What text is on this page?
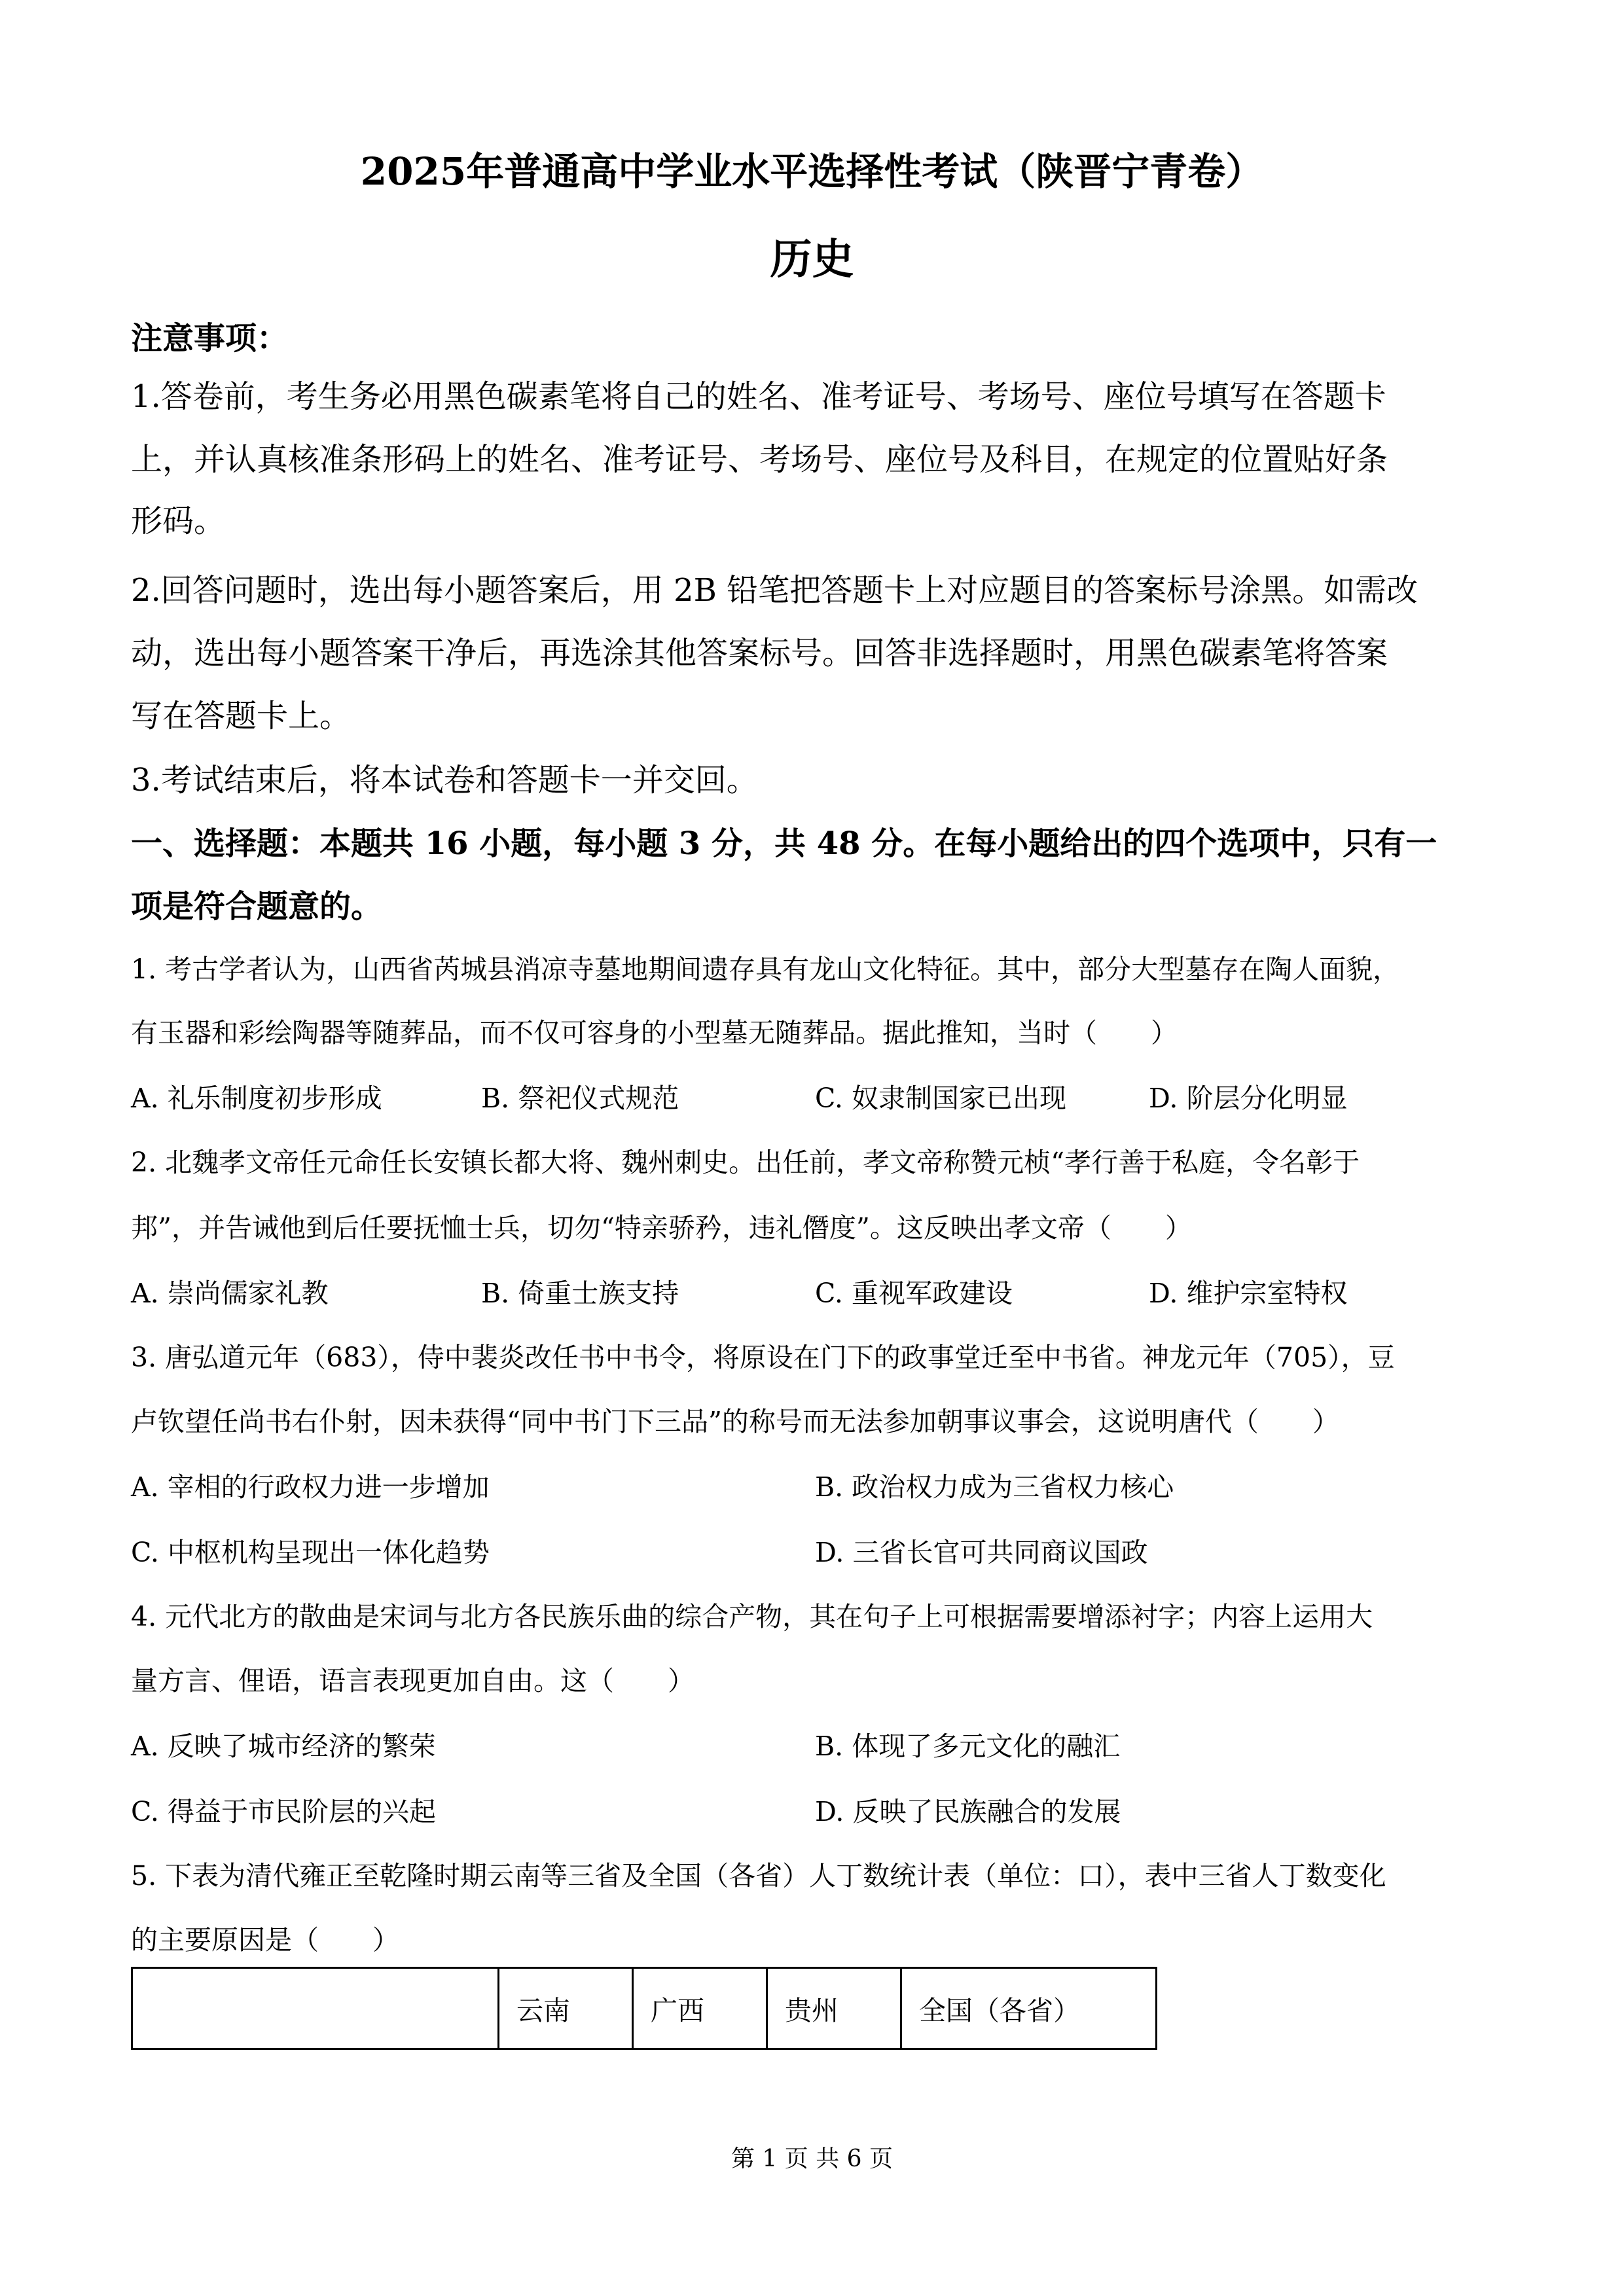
2025年普通高中学业水平选择性考试（陕晋宁青卷）
历史
注意事项：
1.答卷前，考生务必用黑色碳素笔将自己的姓名、准考证号、考场号、座位号填写在答题卡
上，并认真核准条形码上的姓名、准考证号、考场号、座位号及科目，在规定的位置贴好条
形码。
2.回答问题时，选出每小题答案后，用 2B 铅笔把答题卡上对应题目的答案标号涂黑。如需改
动，选出每小题答案干净后，再选涂其他答案标号。回答非选择题时，用黑色碳素笔将答案
写在答题卡上。
3.考试结束后，将本试卷和答题卡一并交回。
一、选择题：本题共 16 小题，每小题 3 分，共 48 分。在每小题给出的四个选项中，只有一
项是符合题意的。
1. 考古学者认为，山西省芮城县消凉寺墓地期间遗存具有龙山文化特征。其中，部分大型墓存在陶人面貌，
有玉器和彩绘陶器等随葬品，而不仅可容身的小型墓无随葬品。据此推知，当时（　　）
A. 礼乐制度初步形成	B. 祭祀仪式规范	C. 奴隶制国家已出现	D. 阶层分化明显
2. 北魏孝文帝任元命任长安镇长都大将、魏州刺史。出任前，孝文帝称赞元桢“孝行善于私庭，令名彰于
邦”，并告诫他到后任要抚恤士兵，切勿“特亲骄矜，违礼僭度”。这反映出孝文帝（　　）
A. 崇尚儒家礼教	B. 倚重士族支持	C. 重视军政建设	D. 维护宗室特权
3. 唐弘道元年（683），侍中裴炎改任书中书令，将原设在门下的政事堂迁至中书省。神龙元年（705），豆
卢钦望任尚书右仆射，因未获得“同中书门下三品”的称号而无法参加朝事议事会，这说明唐代（　　）
A. 宰相的行政权力进一步增加	B. 政治权力成为三省权力核心
C. 中枢机构呈现出一体化趋势	D. 三省长官可共同商议国政
4. 元代北方的散曲是宋词与北方各民族乐曲的综合产物，其在句子上可根据需要增添衬字；内容上运用大
量方言、俚语，语言表现更加自由。这（　　）
A. 反映了城市经济的繁荣	B. 体现了多元文化的融汇
C. 得益于市民阶层的兴起	D. 反映了民族融合的发展
5. 下表为清代雍正至乾隆时期云南等三省及全国（各省）人丁数统计表（单位：口），表中三省人丁数变化
的主要原因是（　　）
	云南	广西	贵州	全国（各省）
第 1 页 共 6 页
